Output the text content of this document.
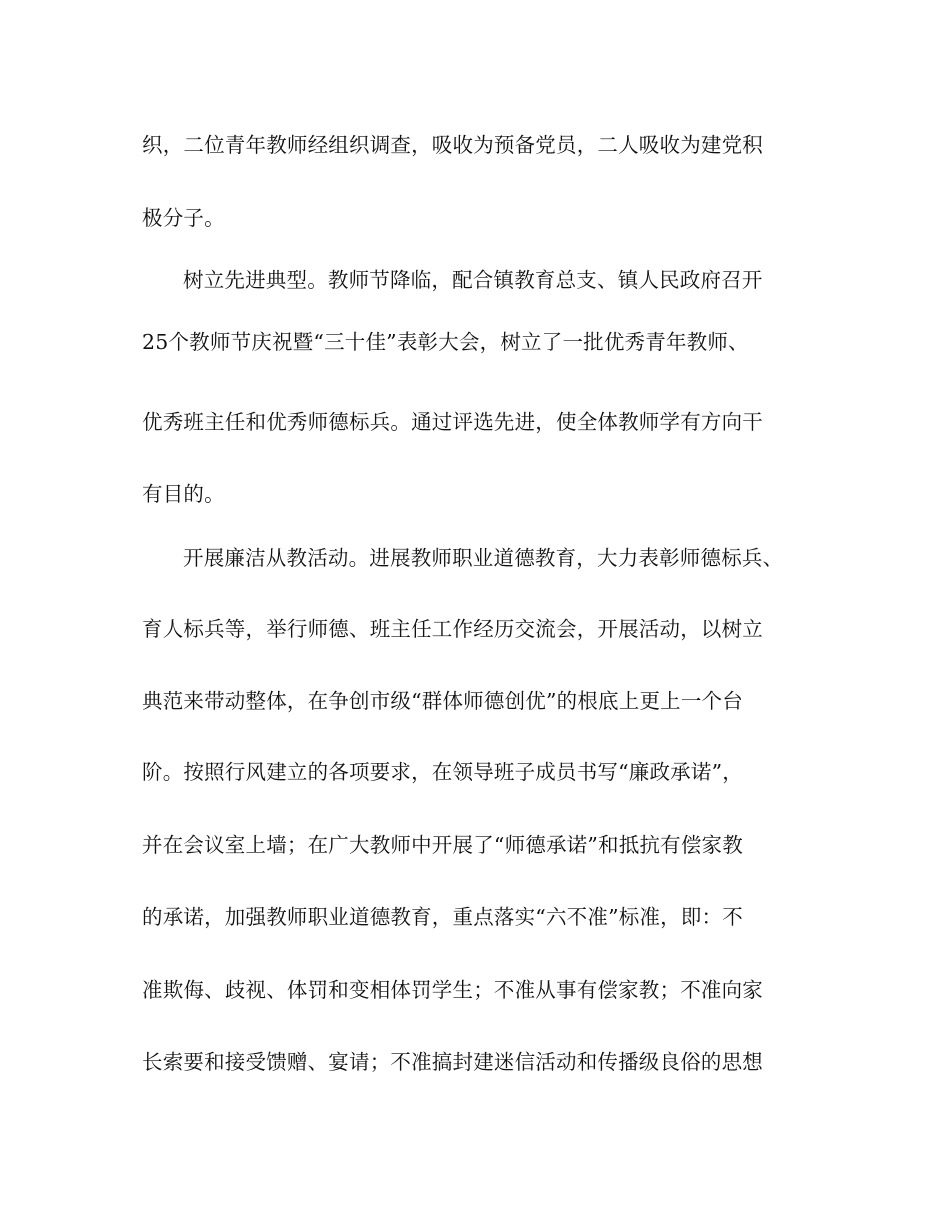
织，二位青年教师经组织调查，吸收为预备党员，二人吸收为建党积
极分子。
树立先进典型。教师节降临，配合镇教育总支、镇人民政府召开
25个教师节庆祝暨“三十佳”表彰大会，树立了一批优秀青年教师、
优秀班主任和优秀师德标兵。通过评选先进，使全体教师学有方向干
有目的。
开展廉洁从教活动。进展教师职业道德教育，大力表彰师德标兵、
育人标兵等，举行师德、班主任工作经历交流会，开展活动，以树立
典范来带动整体，在争创市级“群体师德创优”的根底上更上一个台
阶。按照行风建立的各项要求，在领导班子成员书写“廉政承诺”，
并在会议室上墙；在广大教师中开展了“师德承诺”和抵抗有偿家教
的承诺，加强教师职业道德教育，重点落实“六不准”标准，即：不
准欺侮、歧视、体罚和变相体罚学生；不准从事有偿家教；不准向家
长索要和接受馈赠、宴请；不准搞封建迷信活动和传播级良俗的思想
